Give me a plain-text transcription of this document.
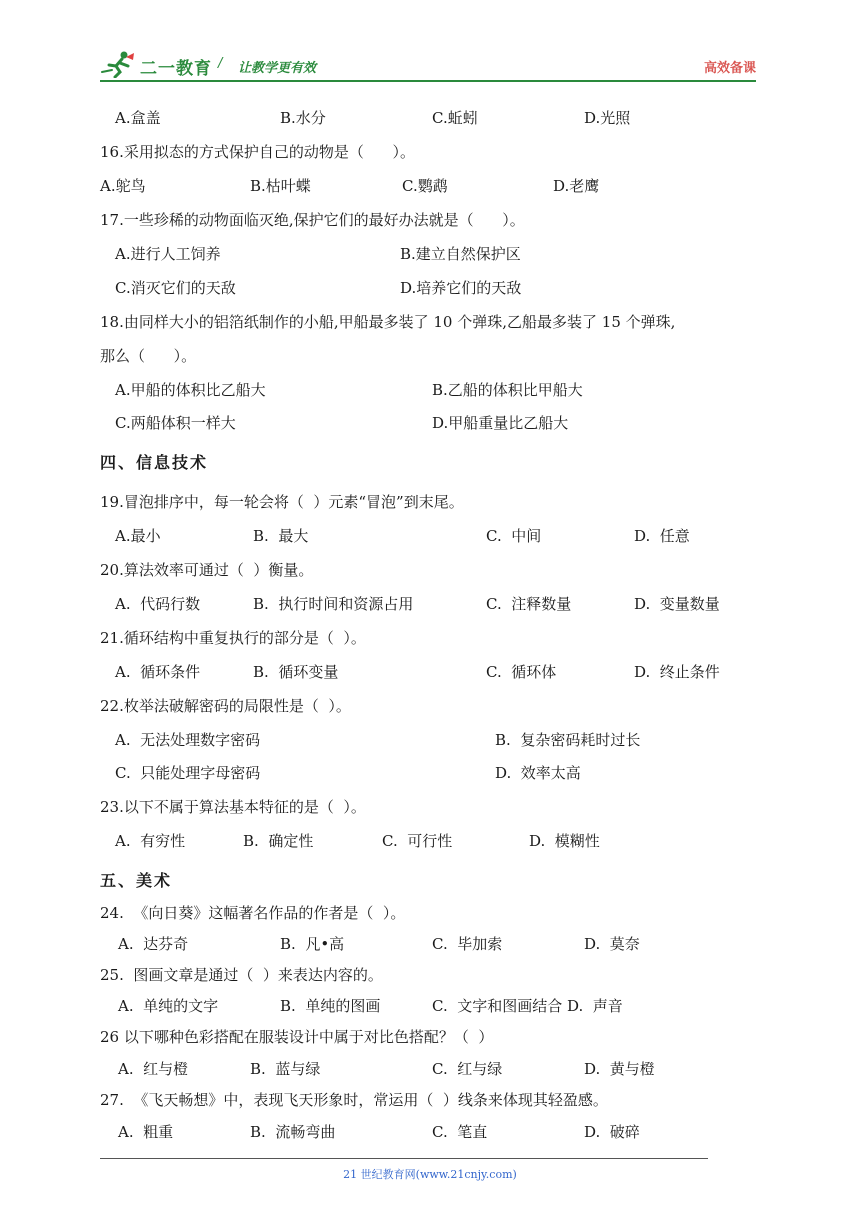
二一教育 / 让教学更有效	高效备课
A.盒盖	B.水分	C.蚯蚓	D.光照
16.采用拟态的方式保护自己的动物是（      ）。
A.鸵鸟	B.枯叶蝶	C.鹦鹉	D.老鹰
17.一些珍稀的动物面临灭绝,保护它们的最好办法就是（      ）。
A.进行人工饲养	B.建立自然保护区
C.消灭它们的天敌	D.培养它们的天敌
18.由同样大小的铝箔纸制作的小船,甲船最多装了 10 个弹珠,乙船最多装了 15 个弹珠,
那么（      ）。
A.甲船的体积比乙船大	B.乙船的体积比甲船大
C.两船体积一样大	D.甲船重量比乙船大
四、信息技术
19.冒泡排序中，每一轮会将（  ）元素“冒泡”到末尾。
A.最小	B.  最大	C.  中间	D.  任意
20.算法效率可通过（  ）衡量。
A.  代码行数	B.  执行时间和资源占用	C.  注释数量	D.  变量数量
21.循环结构中重复执行的部分是（  ）。
A.  循环条件	B.  循环变量	C.  循环体	D.  终止条件
22.枚举法破解密码的局限性是（  ）。
A.  无法处理数字密码	B.  复杂密码耗时过长
C.  只能处理字母密码	D.  效率太高
23.以下不属于算法基本特征的是（  ）。
A.  有穷性	B.  确定性	C.  可行性	D.  模糊性
五、美术
24.  《向日葵》这幅著名作品的作者是（  ）。
A.  达芬奇	B.  凡•高	C.  毕加索	D.  莫奈
25.  图画文章是通过（  ）来表达内容的。
A.  单纯的文字	B.  单纯的图画	C.  文字和图画结合 D.  声音
26 以下哪种色彩搭配在服装设计中属于对比色搭配？（  ）
A.  红与橙	B.  蓝与绿	C.  红与绿	D.  黄与橙
27.  《飞天畅想》中，表现飞天形象时，常运用（  ）线条来体现其轻盈感。
A.  粗重	B.  流畅弯曲	C.  笔直	D.  破碎
21 世纪教育网(www.21cnjy.com)
